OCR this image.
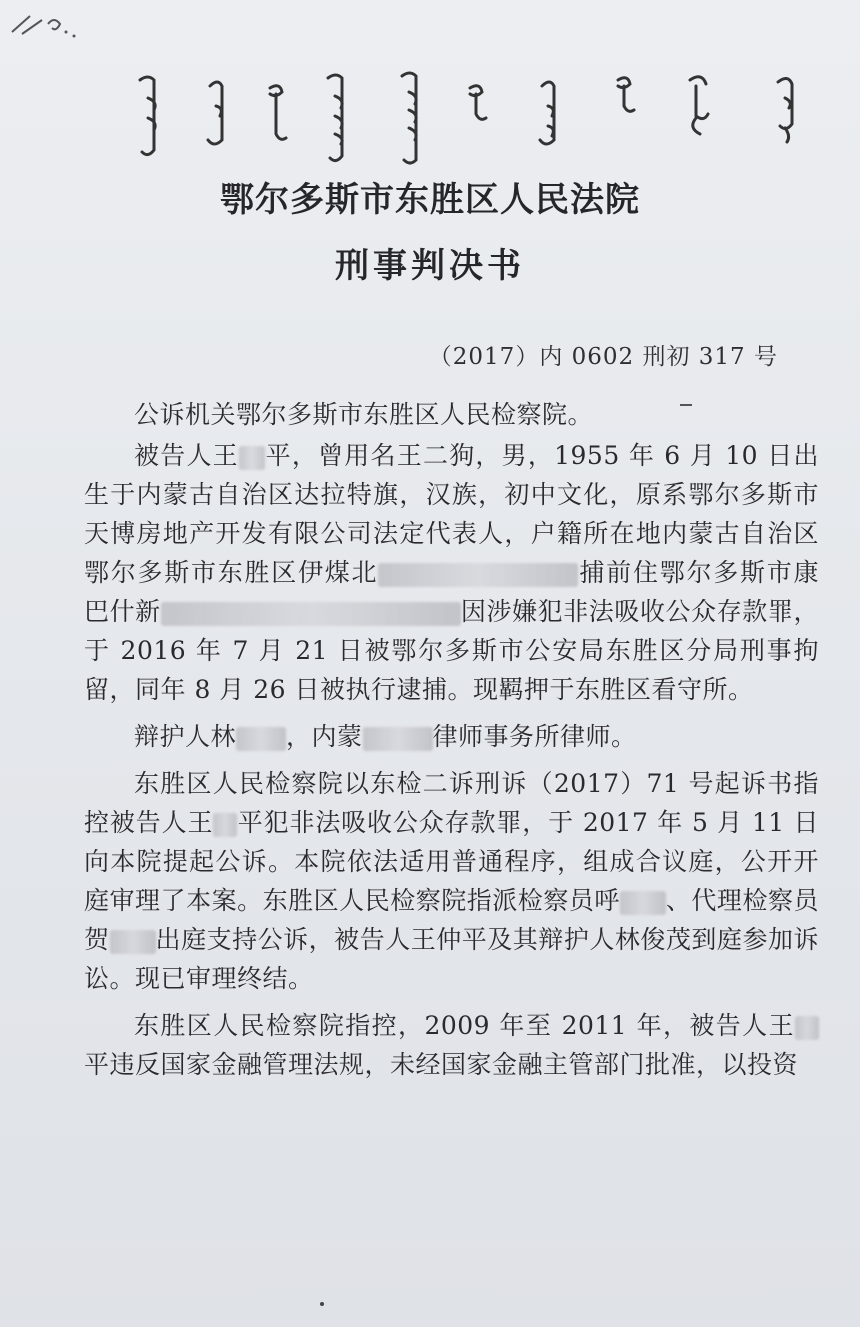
鄂尔多斯市东胜区人民法院
刑事判决书
（2017）内 0602 刑初 317 号

公诉机关鄂尔多斯市东胜区人民检察院。

被告人王 平，曾用名王二狗，男，1955 年 6 月 10 日出生于内蒙古自治区达拉特旗，汉族，初中文化，原系鄂尔多斯市天博房地产开发有限公司法定代表人，户籍所在地内蒙古自治区鄂尔多斯市东胜区伊煤北	捕前住鄂尔多斯市康巴什新	因涉嫌犯非法吸收公众存款罪，于 2016 年 7 月 21 日被鄂尔多斯市公安局东胜区分局刑事拘留，同年 8 月 26 日被执行逮捕。现羁押于东胜区看守所。

辩护人林 ，内蒙	律师事务所律师。

东胜区人民检察院以东检二诉刑诉（2017）71 号起诉书指控被告人王 平犯非法吸收公众存款罪，于 2017 年 5 月 11 日向本院提起公诉。本院依法适用普通程序，组成合议庭，公开开庭审理了本案。东胜区人民检察院指派检察员呼 、代理检察员贺 出庭支持公诉，被告人王仲平及其辩护人林俊茂到庭参加诉讼。现已审理终结。

东胜区人民检察院指控，2009 年至 2011 年，被告人王平违反国家金融管理法规，未经国家金融主管部门批准，以投资
